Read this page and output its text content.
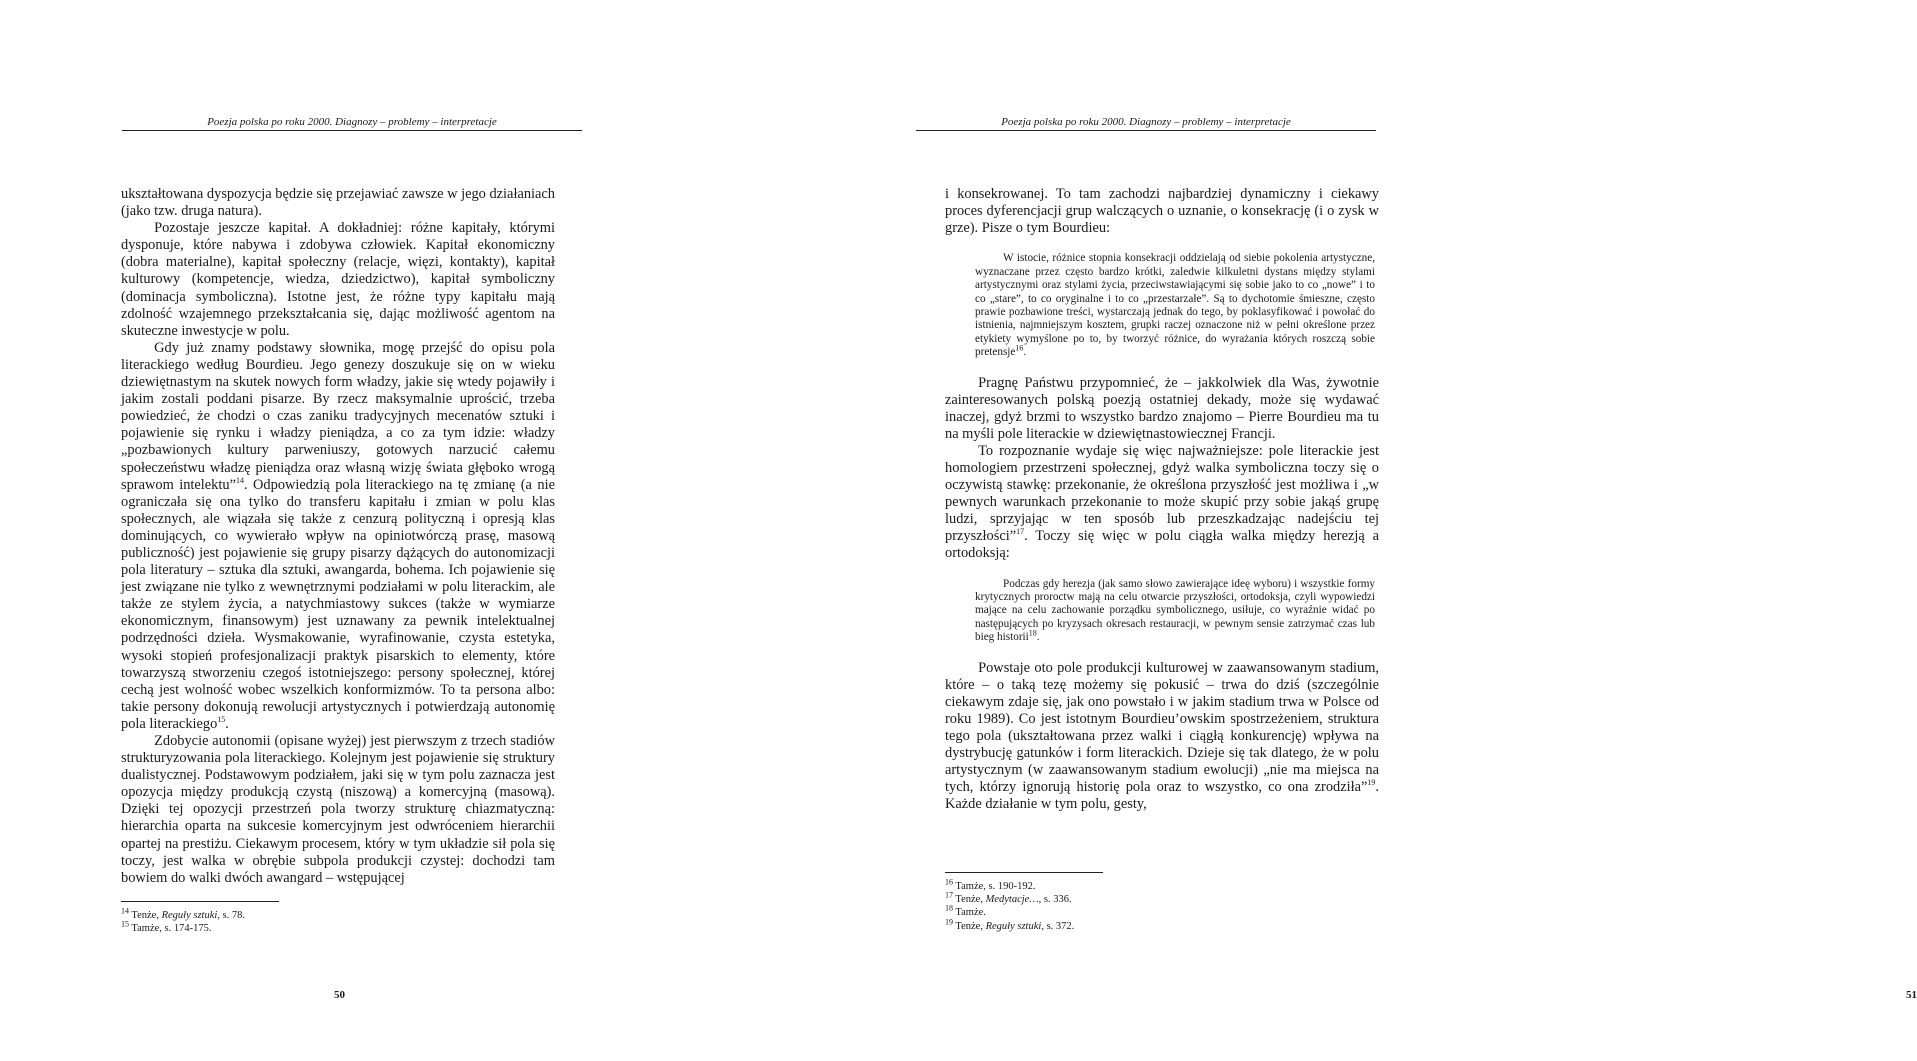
Poezja polska po roku 2000. Diagnozy – problemy – interpretacje

ukształtowana dyspozycja będzie się przejawiać zawsze w jego działaniach (jako tzw. druga natura).

Pozostaje jeszcze kapitał. A dokładniej: różne kapitały, którymi dysponuje, które nabywa i zdobywa człowiek. Kapitał ekonomiczny (dobra materialne), kapitał społeczny (relacje, więzi, kontakty), kapitał kulturowy (kompetencje, wiedza, dziedzictwo), kapitał symboliczny (dominacja symboliczna). Istotne jest, że różne typy kapitału mają zdolność wzajemnego przekształcania się, dając możliwość agentom na skuteczne inwestycje w polu.

Gdy już znamy podstawy słownika, mogę przejść do opisu pola literackiego według Bourdieu. Jego genezy doszukuje się on w wieku dziewiętnastym na skutek nowych form władzy, jakie się wtedy pojawiły i jakim zostali poddani pisarze. By rzecz maksymalnie uprościć, trzeba powiedzieć, że chodzi o czas zaniku tradycyjnych mecenatów sztuki i pojawienie się rynku i władzy pieniądza, a co za tym idzie: władzy „pozbawionych kultury parweniuszy, gotowych narzucić całemu społeczeństwu władzę pieniądza oraz własną wizję świata głęboko wrogą sprawom intelektu”$^{14}$. Odpowiedzią pola literackiego na tę zmianę (a nie ograniczała się ona tylko do transferu kapitału i zmian w polu klas społecznych, ale wiązała się także z cenzurą polityczną i opresją klas dominujących, co wywierało wpływ na opiniotwórczą prasę, masową publiczność) jest pojawienie się grupy pisarzy dążących do autonomizacji pola literatury – sztuka dla sztuki, awangarda, bohema. Ich pojawienie się jest związane nie tylko z wewnętrznymi podziałami w polu literackim, ale także ze stylem życia, a natychmiastowy sukces (także w wymiarze ekonomicznym, finansowym) jest uznawany za pewnik intelektualnej podrzędności dzieła. Wysmakowanie, wyrafinowanie, czysta estetyka, wysoki stopień profesjonalizacji praktyk pisarskich to elementy, które towarzyszą stworzeniu czegoś istotniejszego: persony społecznej, której cechą jest wolność wobec wszelkich konformizmów. To ta persona albo: takie persony dokonują rewolucji artystycznych i potwierdzają autonomię pola literackiego$^{15}$.

Zdobycie autonomii (opisane wyżej) jest pierwszym z trzech stadiów strukturyzowania pola literackiego. Kolejnym jest pojawienie się struktury dualistycznej. Podstawowym podziałem, jaki się w tym polu zaznacza jest opozycja między produkcją czystą (niszową) a komercyjną (masową). Dzięki tej opozycji przestrzeń pola tworzy strukturę chiazmatyczną: hierarchia oparta na sukcesie komercyjnym jest odwróceniem hierarchii opartej na prestiżu. Ciekawym procesem, który w tym układzie sił pola się toczy, jest walka w obrębie subpola produkcji czystej: dochodzi tam bowiem do walki dwóch awangard – wstępującej

$^{14}$ Tenże, Reguły sztuki, s. 78.

$^{15}$ Tamże, s. 174-175.

50
Poezja polska po roku 2000. Diagnozy – problemy – interpretacje

i konsekrowanej. To tam zachodzi najbardziej dynamiczny i ciekawy proces dyferencjacji grup walczących o uznanie, o konsekrację (i o zysk w grze). Pisze o tym Bourdieu:

W istocie, różnice stopnia konsekracji oddzielają od siebie pokolenia artystyczne, wyznaczane przez często bardzo krótki, zaledwie kilkuletni dystans między stylami artystycznymi oraz stylami życia, przeciwstawiającymi się sobie jako to co „nowe” i to co „stare”, to co oryginalne i to co „przestarzałe”. Są to dychotomie śmieszne, często prawie pozbawione treści, wystarczają jednak do tego, by poklasyfikować i powołać do istnienia, najmniejszym kosztem, grupki raczej oznaczone niż w pełni określone przez etykiety wymyślone po to, by tworzyć różnice, do wyrażania których roszczą sobie pretensje$^{16}$.

Pragnę Państwu przypomnieć, że – jakkolwiek dla Was, żywotnie zainteresowanych polską poezją ostatniej dekady, może się wydawać inaczej, gdyż brzmi to wszystko bardzo znajomo – Pierre Bourdieu ma tu na myśli pole literackie w dziewiętnastowiecznej Francji.

To rozpoznanie wydaje się więc najważniejsze: pole literackie jest homologiem przestrzeni społecznej, gdyż walka symboliczna toczy się o oczywistą stawkę: przekonanie, że określona przyszłość jest możliwa i „w pewnych warunkach przekonanie to może skupić przy sobie jakąś grupę ludzi, sprzyjając w ten sposób lub przeszkadzając nadejściu tej przyszłości”$^{17}$. Toczy się więc w polu ciągła walka między herezją a ortodoksją:

Podczas gdy herezja (jak samo słowo zawierające ideę wyboru) i wszystkie formy krytycznych proroctw mają na celu otwarcie przyszłości, ortodoksja, czyli wypowiedzi mające na celu zachowanie porządku symbolicznego, usiłuje, co wyraźnie widać po następujących po kryzysach okresach restauracji, w pewnym sensie zatrzymać czas lub bieg historii$^{18}$.

Powstaje oto pole produkcji kulturowej w zaawansowanym stadium, które – o taką tezę możemy się pokusić – trwa do dziś (szczególnie ciekawym zdaje się, jak ono powstało i w jakim stadium trwa w Polsce od roku 1989). Co jest istotnym Bourdieu’owskim spostrzeżeniem, struktura tego pola (ukształtowana przez walki i ciągłą konkurencję) wpływa na dystrybucję gatunków i form literackich. Dzieje się tak dlatego, że w polu artystycznym (w zaawansowanym stadium ewolucji) „nie ma miejsca na tych, którzy ignorują historię pola oraz to wszystko, co ona zrodziła”$^{19}$. Każde działanie w tym polu, gesty,

51

$^{16}$ Tamże, s. 190-192.

$^{17}$ Tenże, Medytacje…, s. 336.

$^{18}$ Tamże.

$^{19}$ Tenże, Reguły sztuki, s. 372.
